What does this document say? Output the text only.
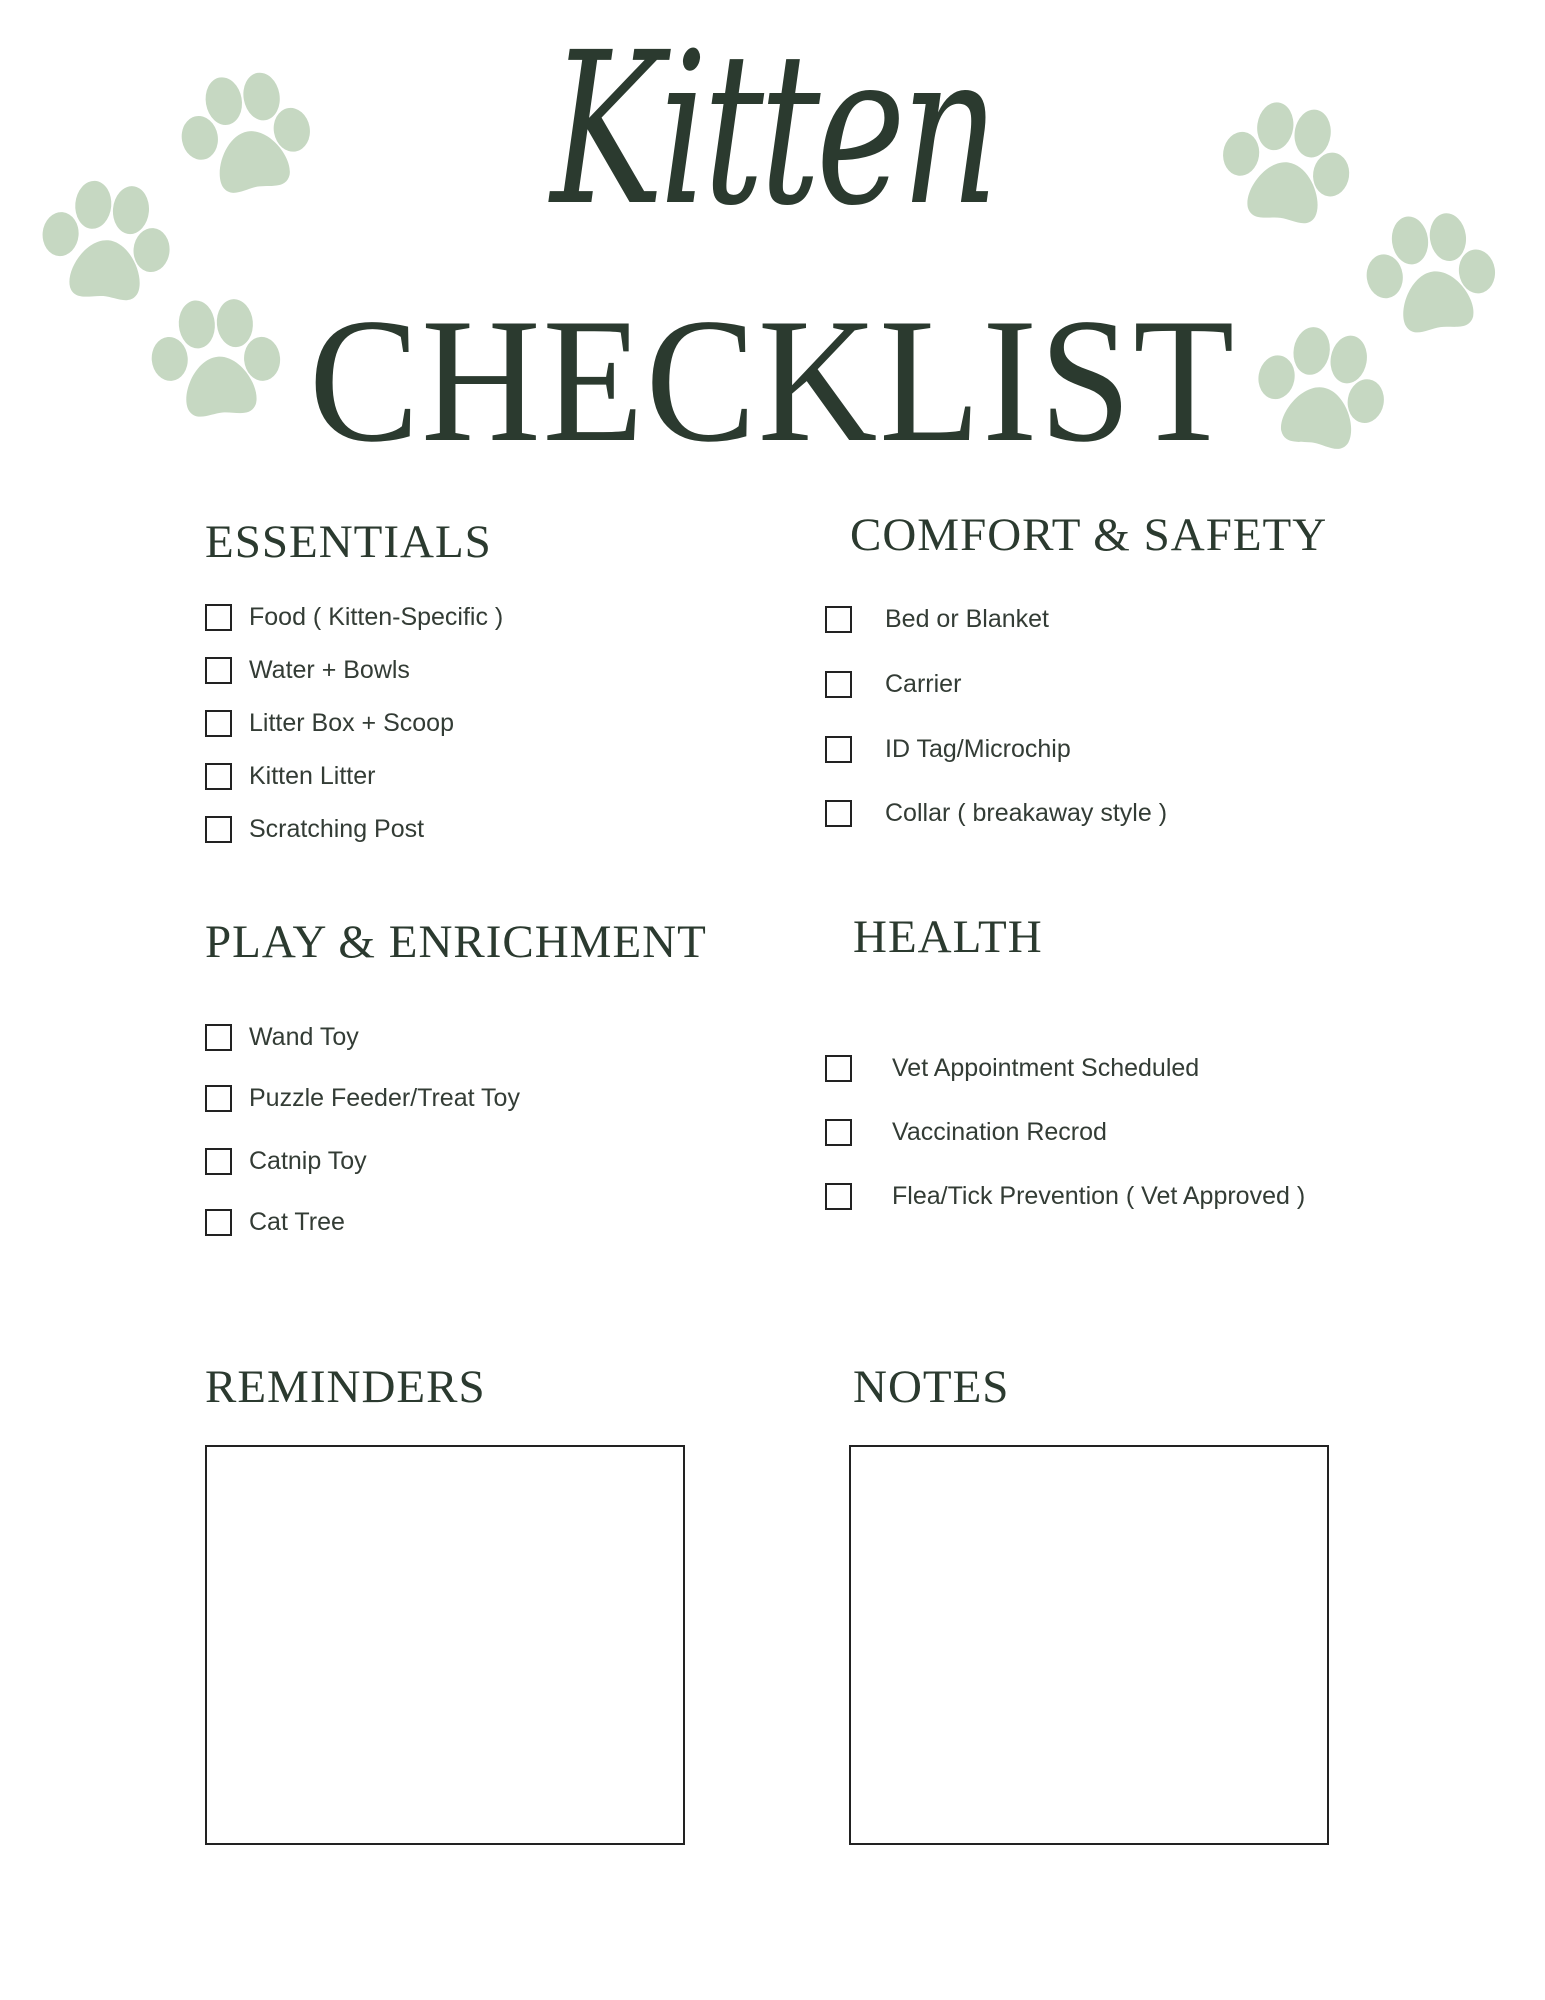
Kitten
CHECKLIST
ESSENTIALS
Food ( Kitten-Specific )
Water + Bowls
Litter Box + Scoop
Kitten Litter
Scratching Post
COMFORT & SAFETY
Bed or Blanket
Carrier
ID Tag/Microchip
Collar ( breakaway style )
PLAY & ENRICHMENT
Wand Toy
Puzzle Feeder/Treat Toy
Catnip Toy
Cat Tree
HEALTH
Vet Appointment Scheduled
Vaccination Recrod
Flea/Tick Prevention ( Vet Approved )
REMINDERS	NOTES
